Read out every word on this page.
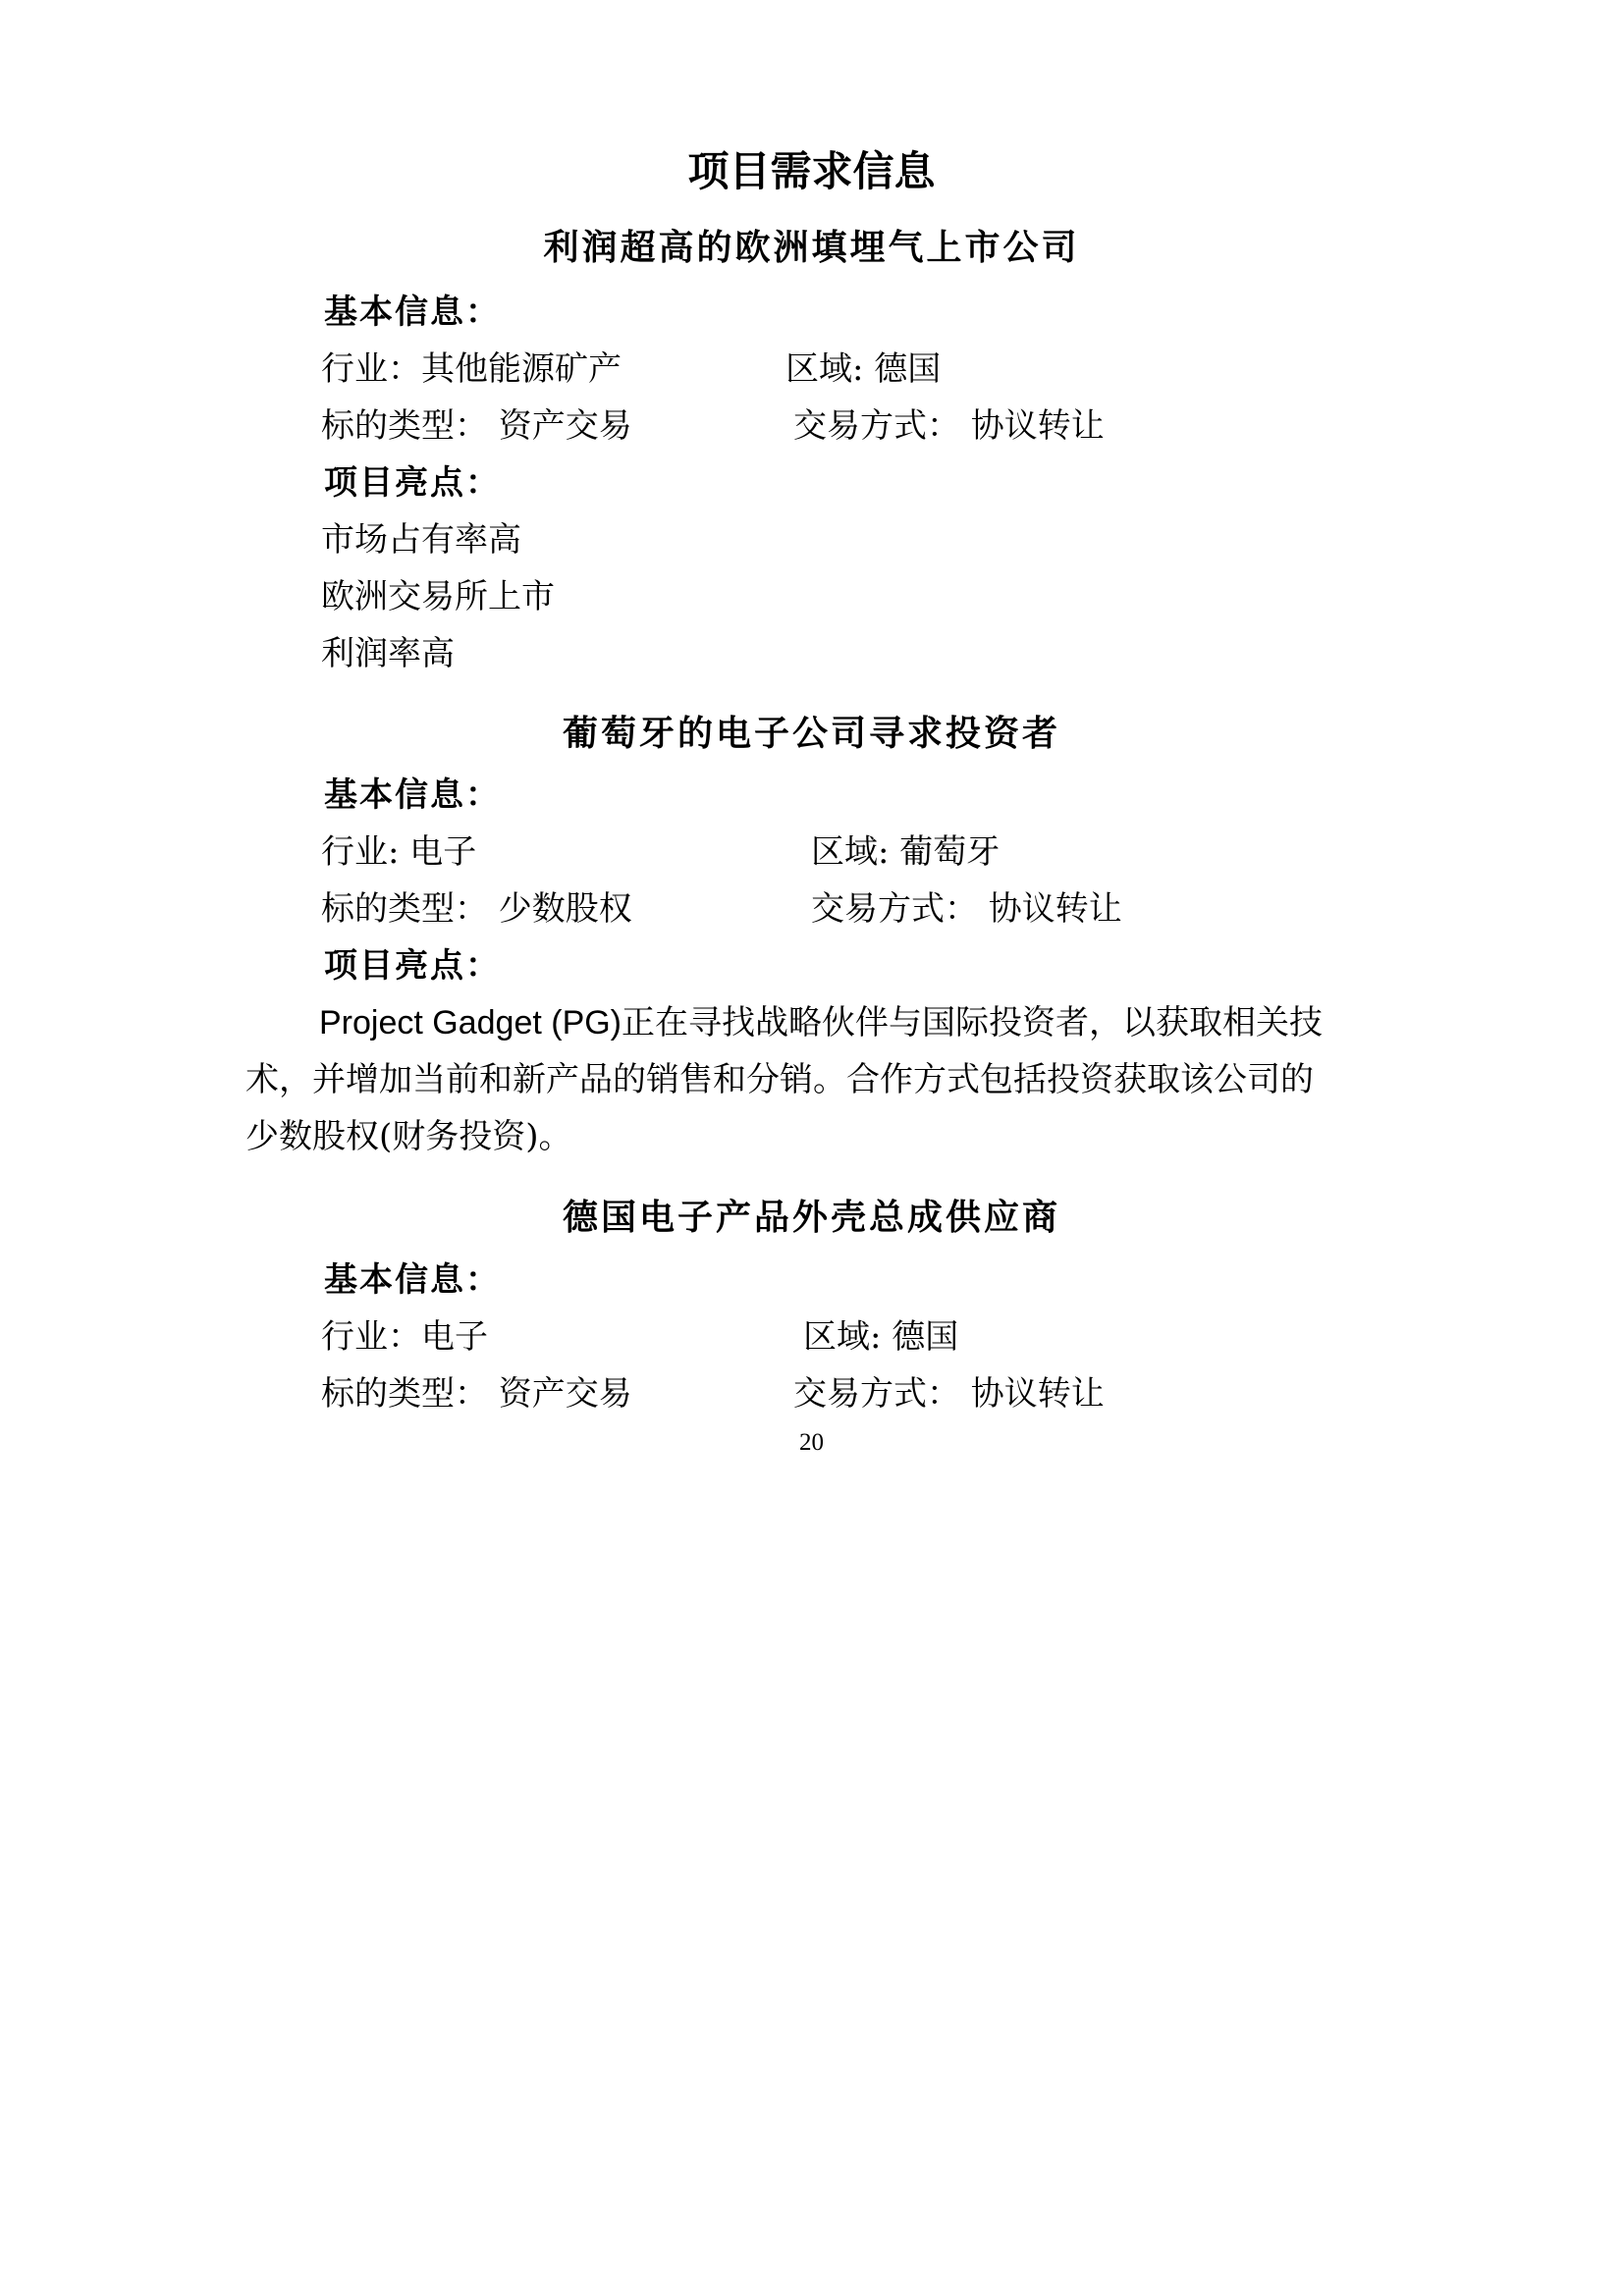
项目需求信息
利润超高的欧洲填埋气上市公司
基本信息：
行业：其他能源矿产	区域: 德国
标的类型： 资产交易	交易方式： 协议转让
项目亮点：
市场占有率高
欧洲交易所上市
利润率高
葡萄牙的电子公司寻求投资者
基本信息：
行业: 电子	区域: 葡萄牙
标的类型： 少数股权	交易方式： 协议转让
项目亮点：
Project Gadget (PG)正在寻找战略伙伴与国际投资者，以获取相关技
术，并增加当前和新产品的销售和分销。合作方式包括投资获取该公司的
少数股权(财务投资)。
德国电子产品外壳总成供应商
基本信息：
行业：电子	区域: 德国
标的类型： 资产交易	交易方式： 协议转让
20
